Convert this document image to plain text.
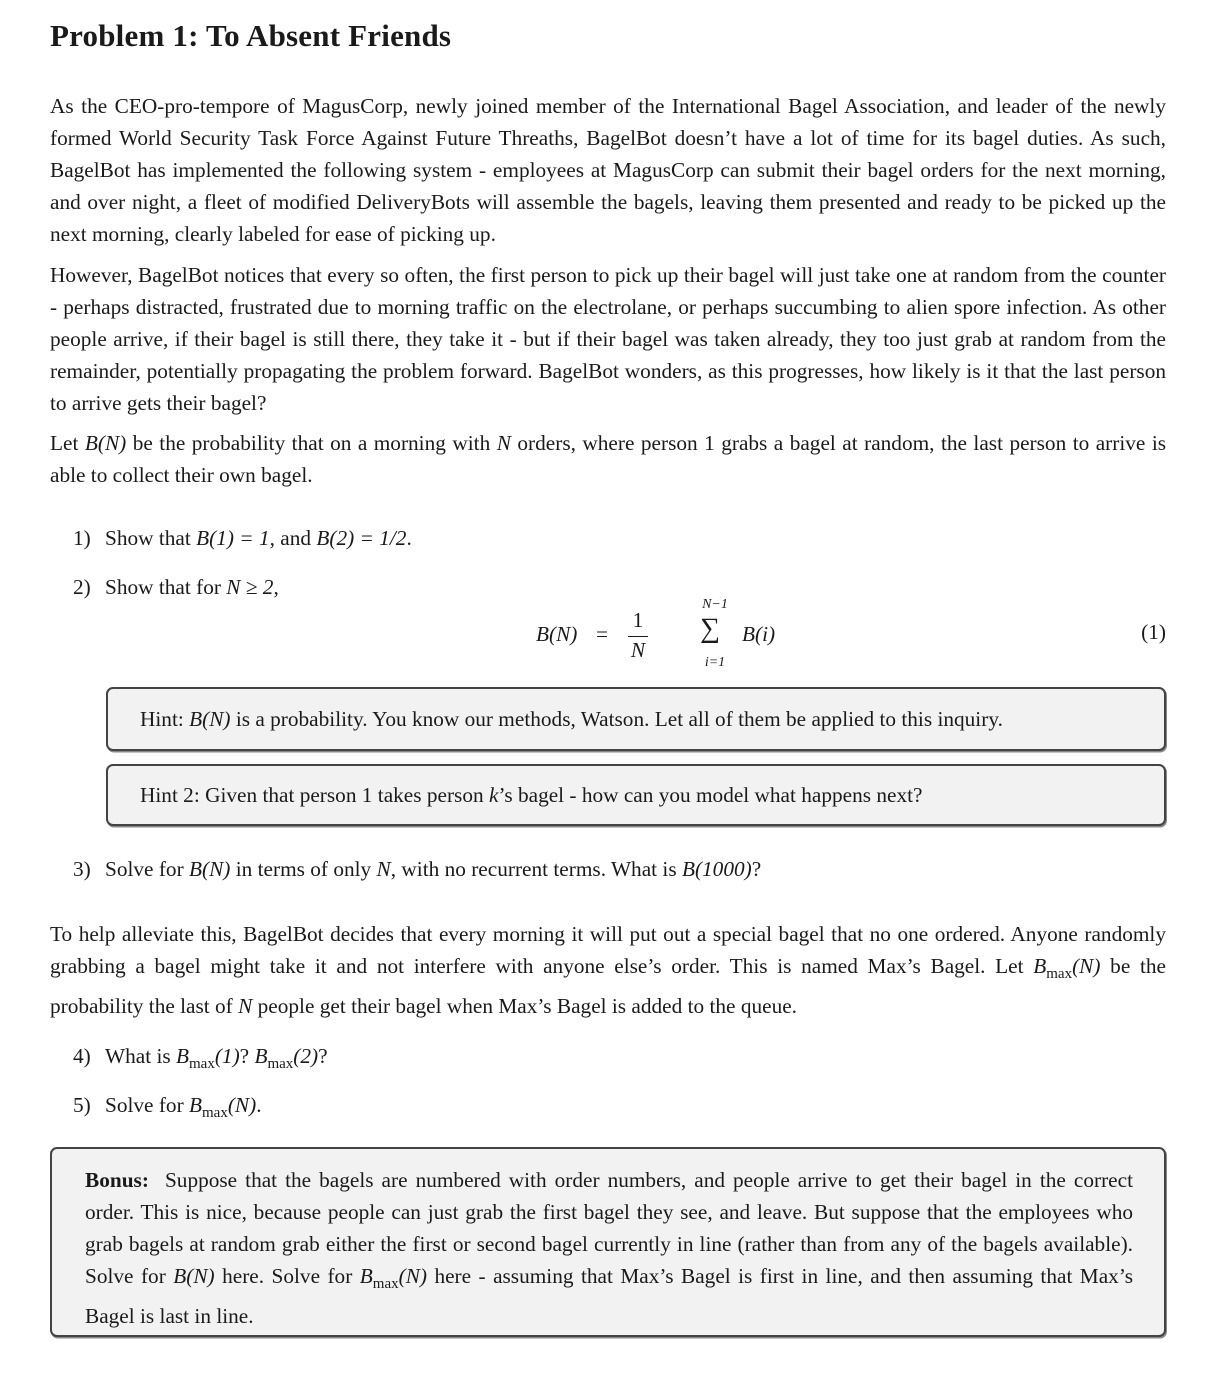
Problem 1: To Absent Friends

As the CEO-pro-tempore of MagusCorp, newly joined member of the International Bagel Association, and leader of the newly formed World Security Task Force Against Future Threaths, BagelBot doesn’t have a lot of time for its bagel duties. As such, BagelBot has implemented the following system - employees at MagusCorp can submit their bagel orders for the next morning, and over night, a fleet of modified DeliveryBots will assemble the bagels, leaving them presented and ready to be picked up the next morning, clearly labeled for ease of picking up.

However, BagelBot notices that every so often, the first person to pick up their bagel will just take one at random from the counter - perhaps distracted, frustrated due to morning traffic on the electrolane, or perhaps succumbing to alien spore infection. As other people arrive, if their bagel is still there, they take it - but if their bagel was taken already, they too just grab at random from the remainder, potentially propagating the problem forward. BagelBot wonders, as this progresses, how likely is it that the last person to arrive gets their bagel?

Let B(N) be the probability that on a morning with N orders, where person 1 grabs a bagel at random, the last person to arrive is able to collect their own bagel.

1) Show that B(1) = 1, and B(2) = 1/2.

2) Show that for N ≥ 2,

B(N) =
1
N
N−1
∑
i=1
B(i)	(1)
Hint: B(N) is a probability. You know our methods, Watson. Let all of them be applied to this inquiry.
Hint 2: Given that person 1 takes person k’s bagel - how can you model what happens next?

3) Solve for B(N) in terms of only N, with no recurrent terms. What is B(1000)?

To help alleviate this, BagelBot decides that every morning it will put out a special bagel that no one ordered. Anyone randomly grabbing a bagel might take it and not interfere with anyone else’s order. This is named Max’s Bagel. Let $B_{max}(N)$ be the probability the last of N people get their bagel when Max’s Bagel is added to the queue.

4) What is $B_{max}(1)$? $B_{max}(2)$?

5) Solve for $B_{max}(N)$.

Bonus: Suppose that the bagels are numbered with order numbers, and people arrive to get their bagel in the correct order. This is nice, because people can just grab the first bagel they see, and leave. But suppose that the employees who grab bagels at random grab either the first or second bagel currently in line (rather than from any of the bagels available). Solve for B(N) here. Solve for $B_{max}(N)$ here - assuming that Max’s Bagel is first in line, and then assuming that Max’s Bagel is last in line.
